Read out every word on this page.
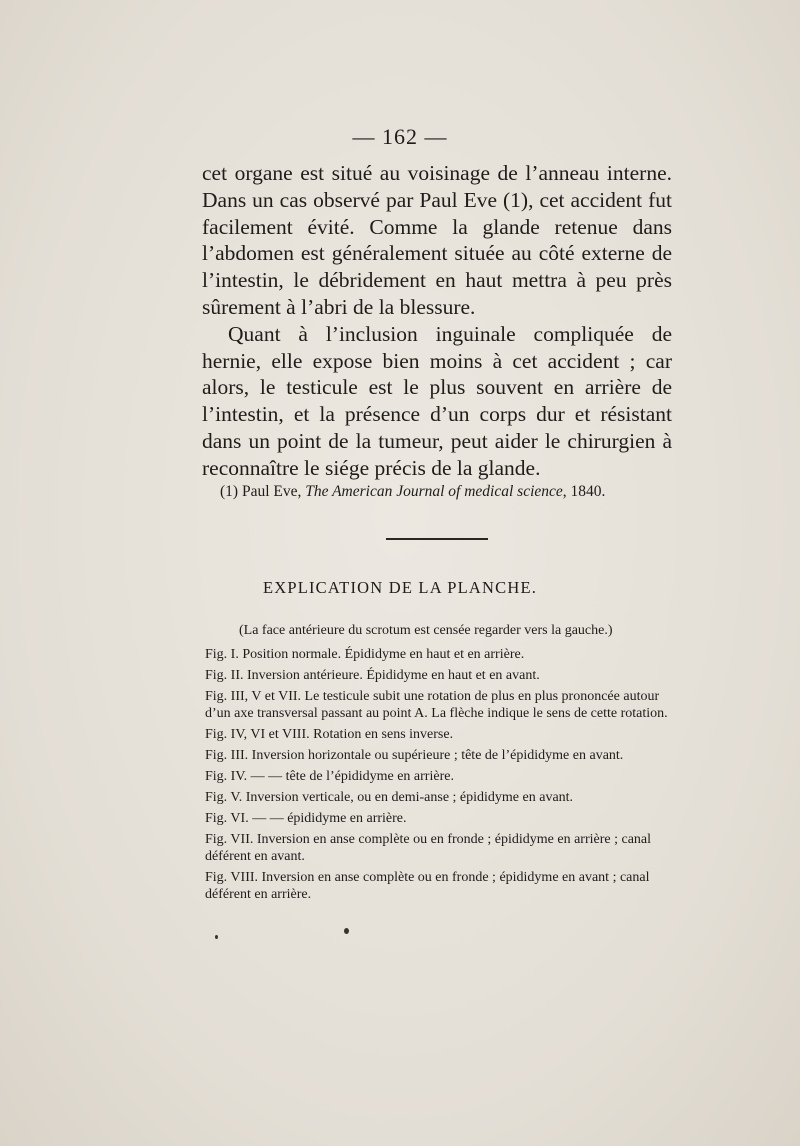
— 162 —

cet organe est situé au voisinage de l’anneau interne. Dans un cas observé par Paul Eve (1), cet accident fut facilement évité. Comme la glande retenue dans l’abdomen est généralement située au côté externe de l’intestin, le débridement en haut mettra à peu près sûrement à l’abri de la blessure.

Quant à l’inclusion inguinale compliquée de hernie, elle expose bien moins à cet accident ; car alors, le testicule est le plus souvent en arrière de l’intestin, et la présence d’un corps dur et résistant dans un point de la tumeur, peut aider le chirurgien à reconnaître le siége précis de la glande.

(1) Paul Eve, The American Journal of medical science, 1840.
EXPLICATION DE LA PLANCHE.

(La face antérieure du scrotum est censée regarder vers la gauche.)

Fig. I. Position normale. Épididyme en haut et en arrière.

Fig. II. Inversion antérieure. Épididyme en haut et en avant.

Fig. III, V et VII. Le testicule subit une rotation de plus en plus prononcée autour d’un axe transversal passant au point A. La flèche indique le sens de cette rotation.

Fig. IV, VI et VIII. Rotation en sens inverse.

Fig. III. Inversion horizontale ou supérieure ; tête de l’épididyme en avant.

Fig. IV. — — tête de l’épididyme en arrière.

Fig. V. Inversion verticale, ou en demi-anse ; épididyme en avant.

Fig. VI. — — épididyme en arrière.

Fig. VII. Inversion en anse complète ou en fronde ; épididyme en arrière ; canal déférent en avant.

Fig. VIII. Inversion en anse complète ou en fronde ; épididyme en avant ; canal déférent en arrière.
